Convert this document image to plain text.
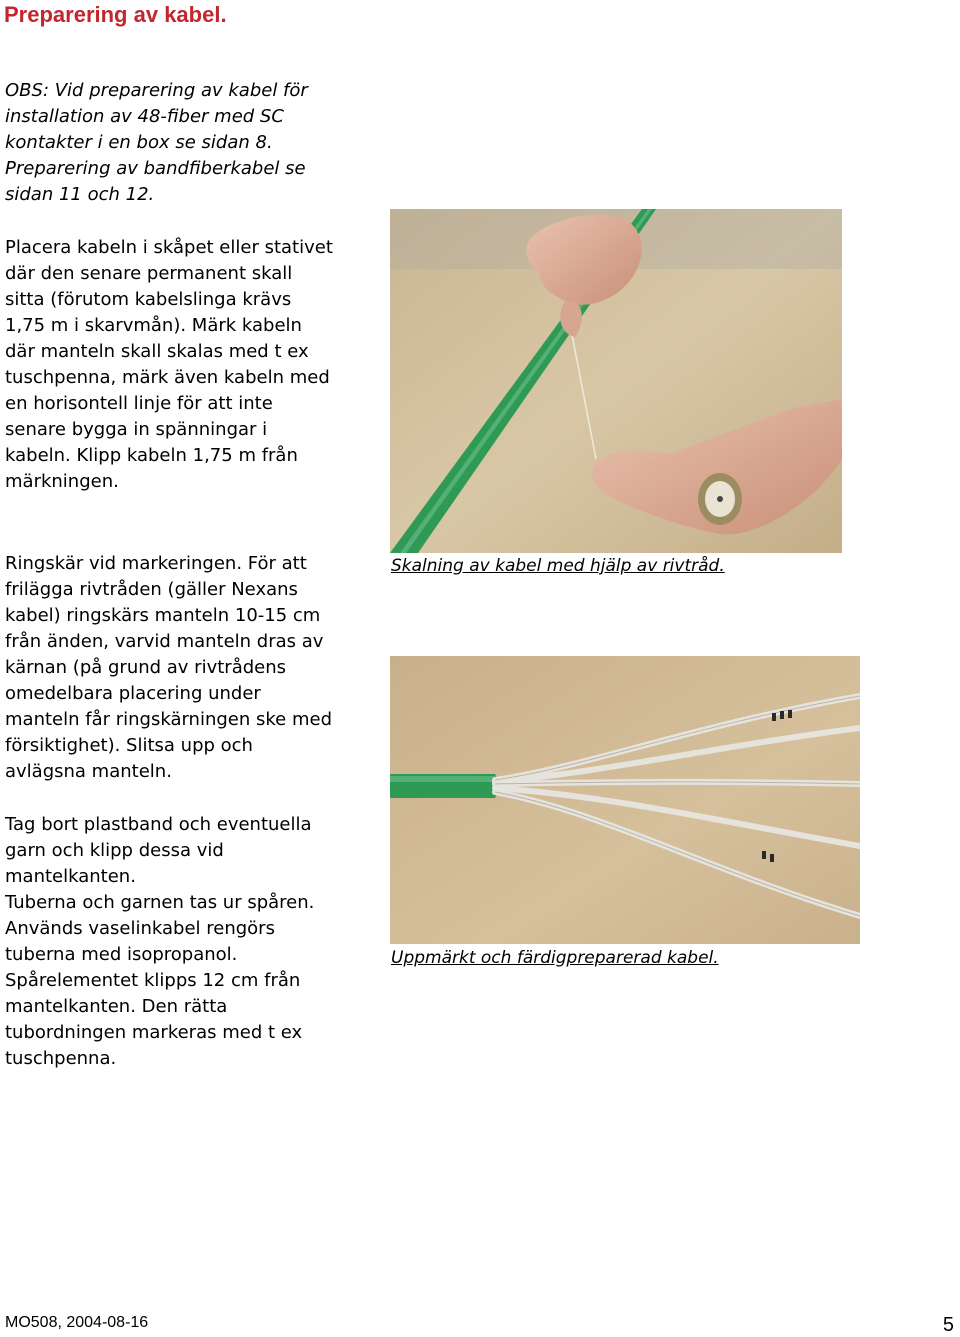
Preparering av kabel.

OBS: Vid preparering av kabel för installation av 48-fiber med SC kontakter i en box se sidan 8. Preparering av bandfiberkabel se sidan 11 och 12.

Placera kabeln i skåpet eller stativet där den senare permanent skall sitta (förutom kabelslinga krävs 1,75 m i skarvmån). Märk kabeln där manteln skall skalas med t ex tuschpenna, märk även kabeln med en horisontell linje för att inte senare bygga in spänningar i kabeln. Klipp kabeln 1,75 m från märkningen.

Ringskär vid markeringen. För att frilägga rivtråden (gäller Nexans kabel) ringskärs manteln 10-15 cm från änden, varvid manteln dras av kärnan (på grund av rivtrådens omedelbara placering under manteln får ringskärningen ske med försiktighet). Slitsa upp och avlägsna manteln.

Tag bort plastband och eventuella garn och klipp dessa vid mantelkanten.

Tuberna och garnen tas ur spåren. Används vaselinkabel rengörs tuberna med isopropanol. Spårelementet klipps 12 cm från mantelkanten. Den rätta tubordningen markeras med t ex tuschpenna.

Skalning av kabel med hjälp av rivtråd.

Uppmärkt och färdigpreparerad kabel.

MO508, 2004-08-16	5
